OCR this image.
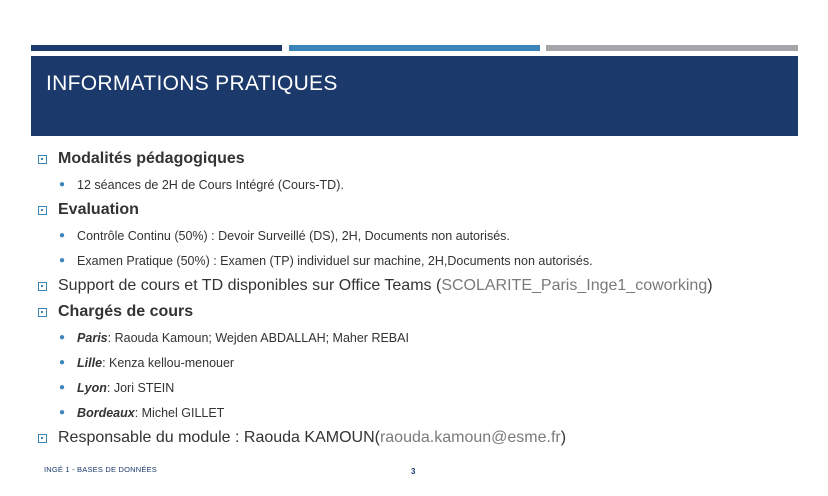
INFORMATIONS PRATIQUES
Modalités pédagogiques
● 12 séances de 2H de Cours Intégré (Cours-TD).
Evaluation
● Contrôle Continu (50%) : Devoir Surveillé (DS), 2H, Documents non autorisés.
● Examen Pratique (50%) : Examen (TP) individuel sur machine, 2H,Documents non autorisés.
Support de cours et TD disponibles sur Office Teams (SCOLARITE_Paris_Inge1_coworking)
Chargés de cours
● Paris : Raouda Kamoun; Wejden ABDALLAH; Maher REBAI
● Lille : Kenza kellou-menouer
● Lyon : Jori STEIN
● Bordeaux : Michel GILLET
Responsable du module : Raouda KAMOUN(raouda.kamoun@esme.fr)
INGÉ 1 - BASES DE DONNÉES	3
